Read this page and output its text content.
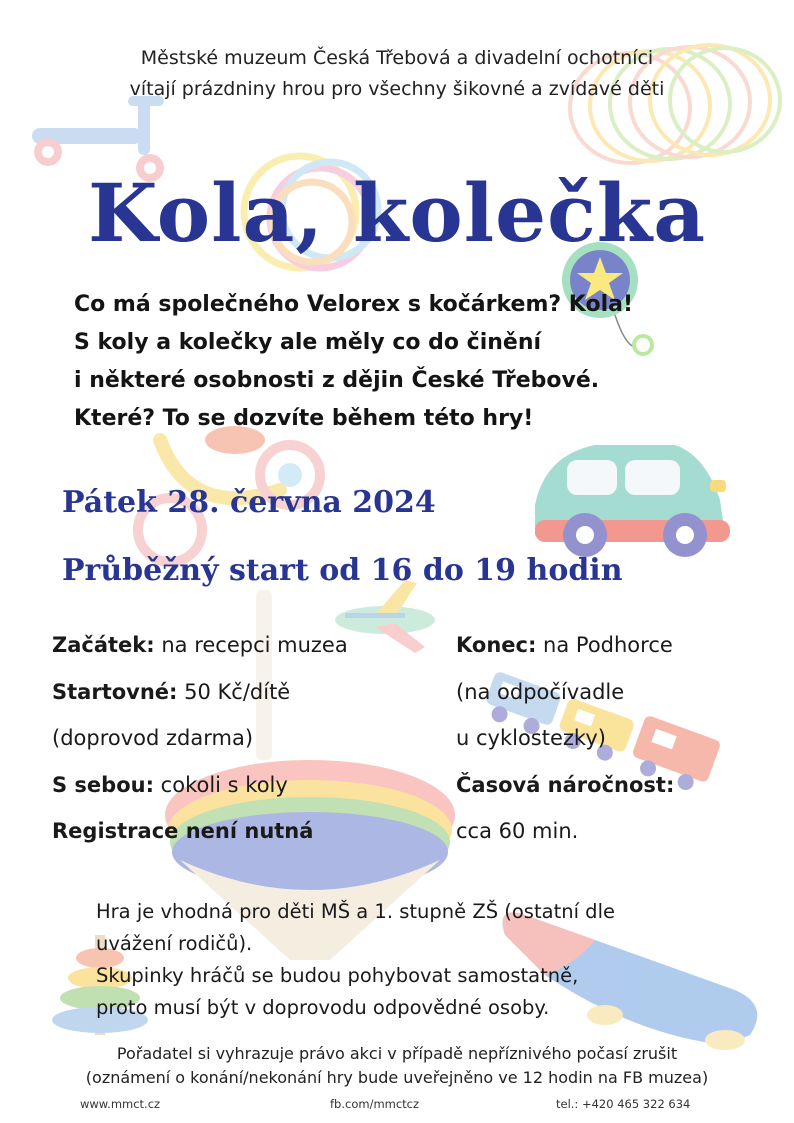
Městské muzeum Česká Třebová a divadelní ochotníci
vítají prázdniny hrou pro všechny šikovné a zvídavé děti
Kola, kolečka
Co má společného Velorex s kočárkem? Kola!
S koly a kolečky ale měly co do činění
i některé osobnosti z dějin České Třebové.
Které? To se dozvíte během této hry!
Pátek 28. června 2024
Průběžný start od 16 do 19 hodin
Začátek: na recepci muzea
Startovné: 50 Kč/dítě
(doprovod zdarma)
S sebou: cokoli s koly
Registrace není nutná
Konec: na Podhorce
(na odpočívadle
u cyklostezky)
Časová náročnost:
cca 60 min.
Hra je vhodná pro děti MŠ a 1. stupně ZŠ (ostatní dle
uvážení rodičů).
Skupinky hráčů se budou pohybovat samostatně,
proto musí být v doprovodu odpovědné osoby.
Pořadatel si vyhrazuje právo akci v případě nepříznivého počasí zrušit
(oznámení o konání/nekonání hry bude uveřejněno ve 12 hodin na FB muzea)
www.mmct.cz	fb.com/mmctcz	tel.: +420 465 322 634
